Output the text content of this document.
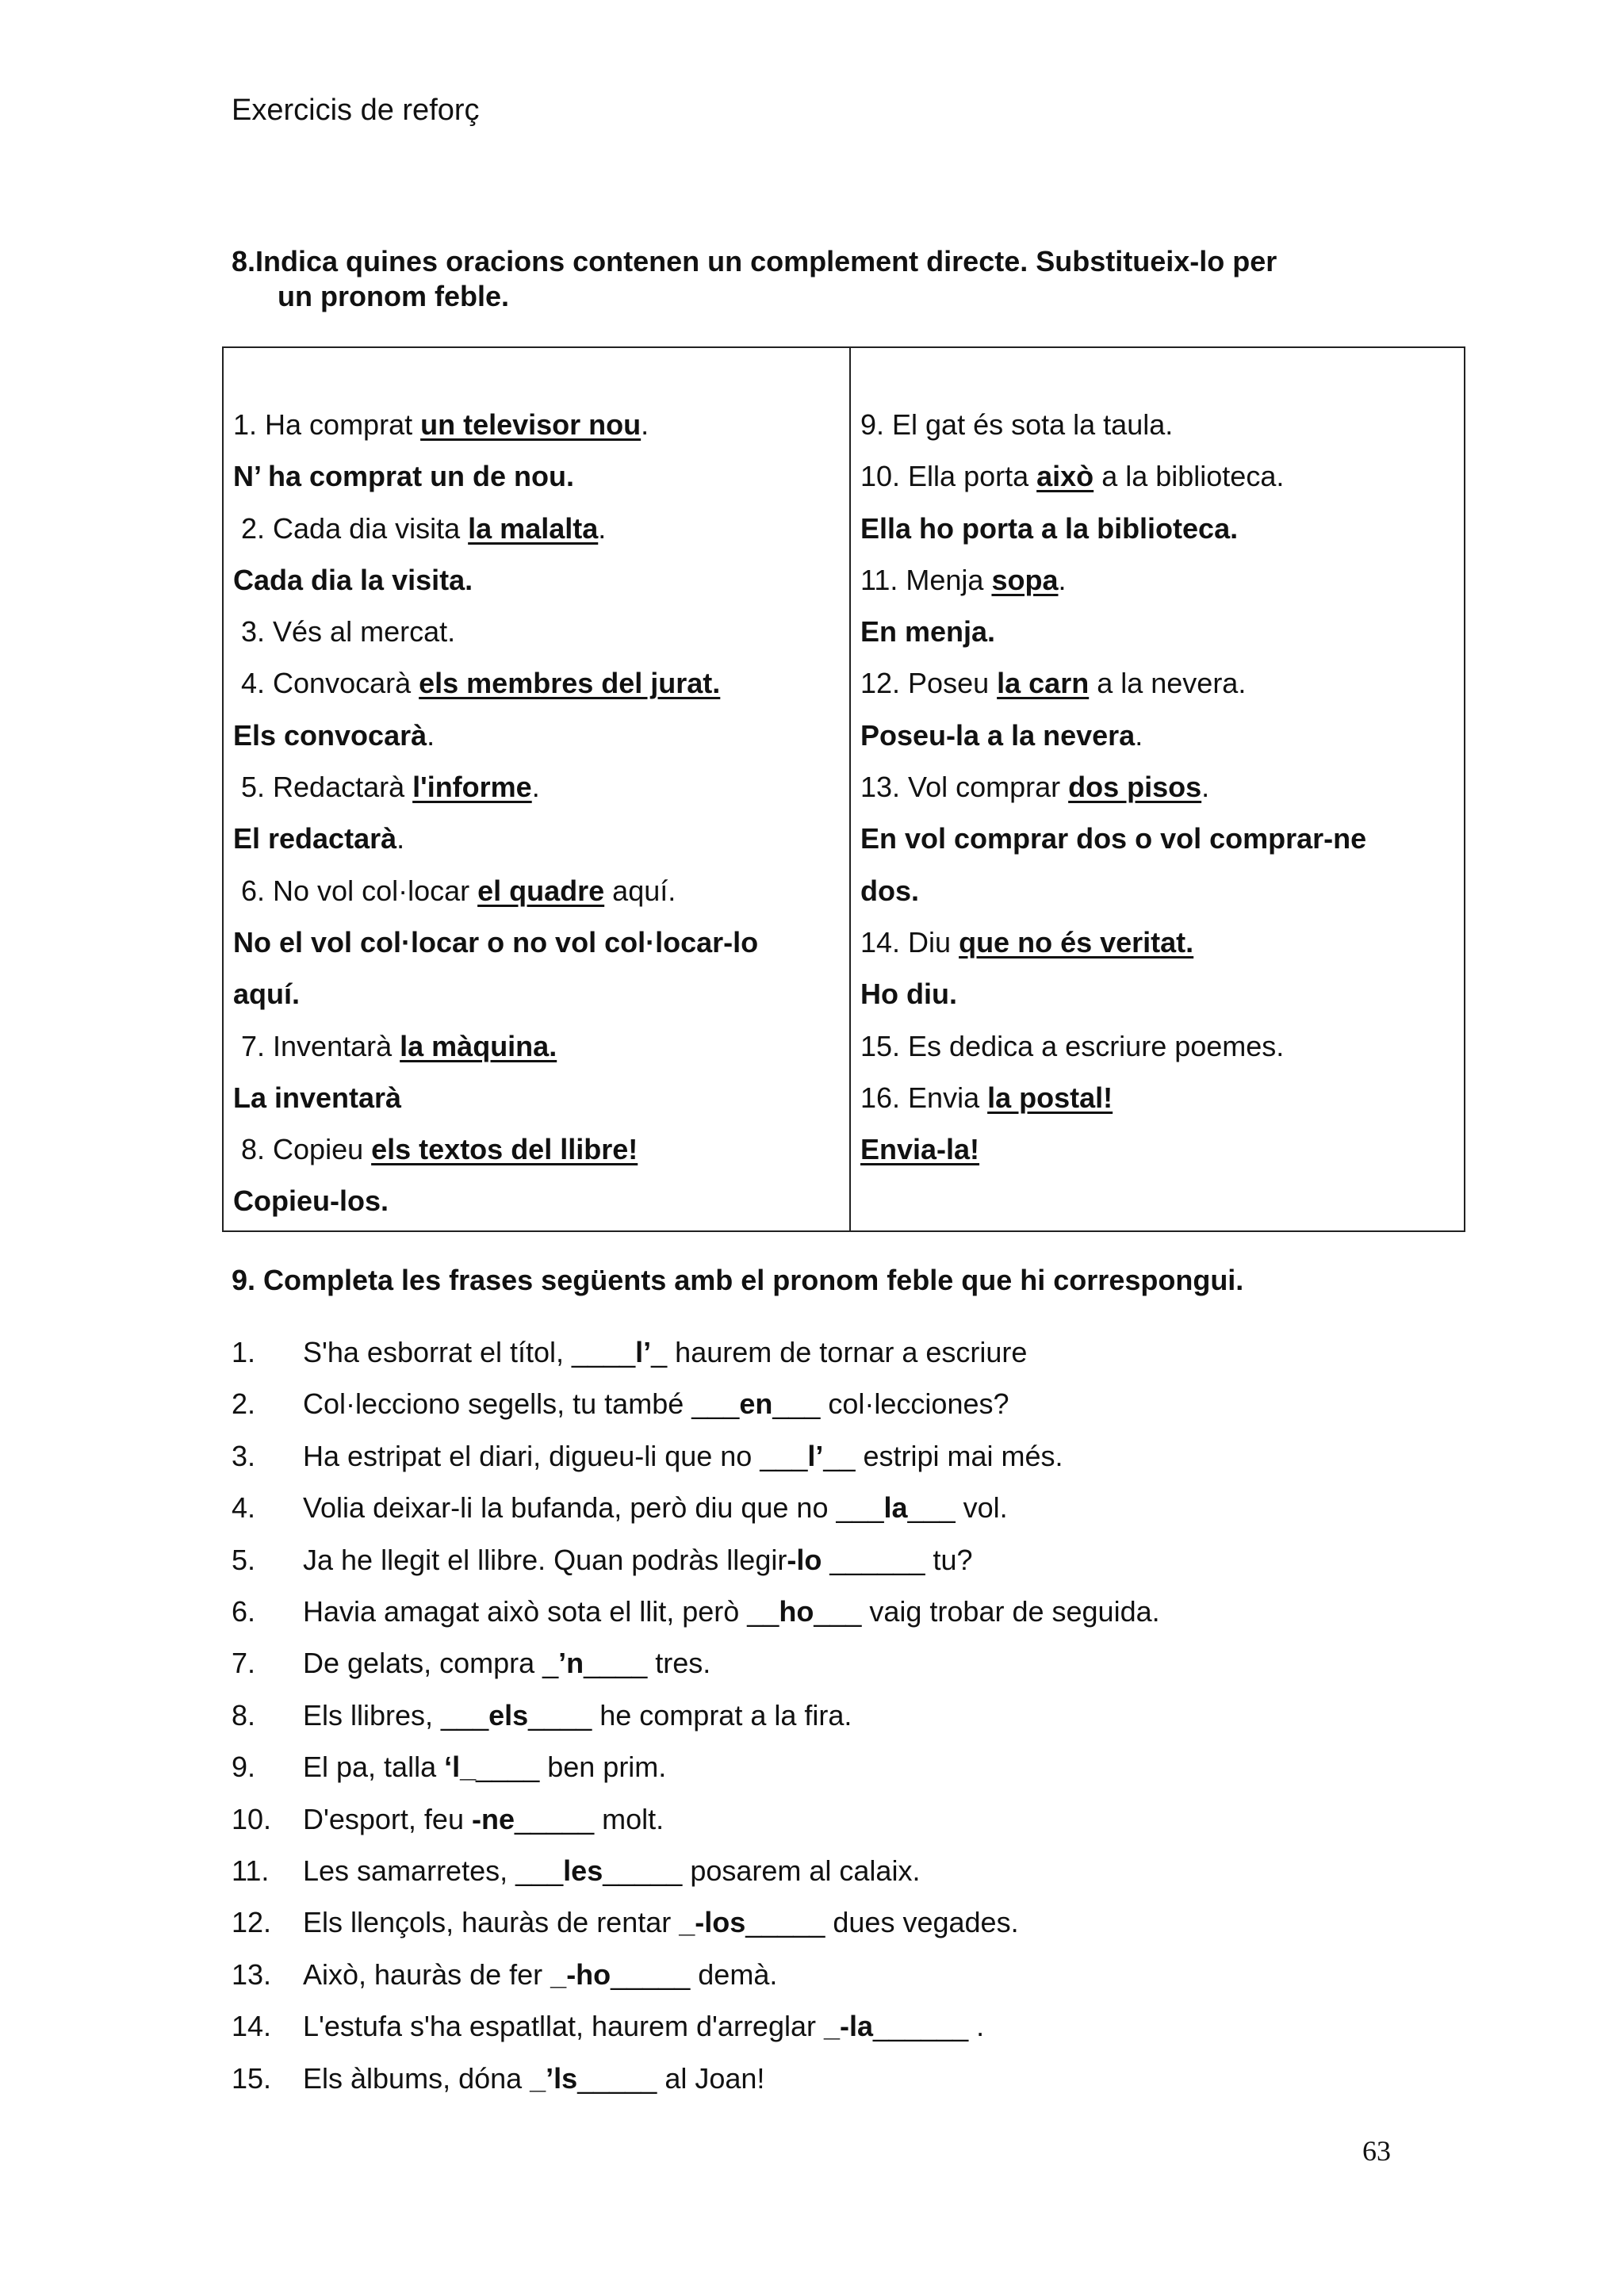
Exercicis de reforç
8.Indica quines oracions contenen un complement directe. Substitueix-lo per
un pronom feble.
1. Ha comprat un televisor nou.
N’ ha comprat un de nou.
2. Cada dia visita la malalta.
Cada dia la visita.
3. Vés al mercat.
4. Convocarà els membres del jurat.
Els convocarà.
5. Redactarà l'informe.
El redactarà.
6. No vol col·locar el quadre aquí.
No el vol col·locar o no vol col·locar-lo
aquí.
7. Inventarà la màquina.
La inventarà
8. Copieu els textos del llibre!
Copieu-los.
9. El gat és sota la taula.
10. Ella porta això a la biblioteca.
Ella ho porta a la biblioteca.
11. Menja sopa.
En menja.
12. Poseu la carn a la nevera.
Poseu-la a la nevera.
13. Vol comprar dos pisos.
En vol comprar dos o vol comprar-ne
dos.
14. Diu que no és veritat.
Ho diu.
15. Es dedica a escriure poemes.
16. Envia la postal!
Envia-la!
9. Completa les frases següents amb el pronom feble que hi correspongui.
1.	S'ha esborrat el títol, ____l’_ haurem de tornar a escriure
2.	Col·lecciono segells, tu també ___en___ col·lecciones?
3.	Ha estripat el diari, digueu-li que no ___l’__ estripi mai més.
4.	Volia deixar-li la bufanda, però diu que no ___la___ vol.
5.	Ja he llegit el llibre. Quan podràs llegir-lo ______ tu?
6.	Havia amagat això sota el llit, però __ho___ vaig trobar de seguida.
7.	De gelats, compra _’n____ tres.
8.	Els llibres, ___els____ he comprat a la fira.
9.	El pa, talla ‘l_____ ben prim.
10.	D'esport, feu -ne_____ molt.
11.	Les samarretes, ___les_____ posarem al calaix.
12.	Els llençols, hauràs de rentar _-los_____ dues vegades.
13.	Això, hauràs de fer _-ho_____ demà.
14.	L'estufa s'ha espatllat, haurem d'arreglar _-la______ .
15.	Els àlbums, dóna _’ls_____ al Joan!
63
